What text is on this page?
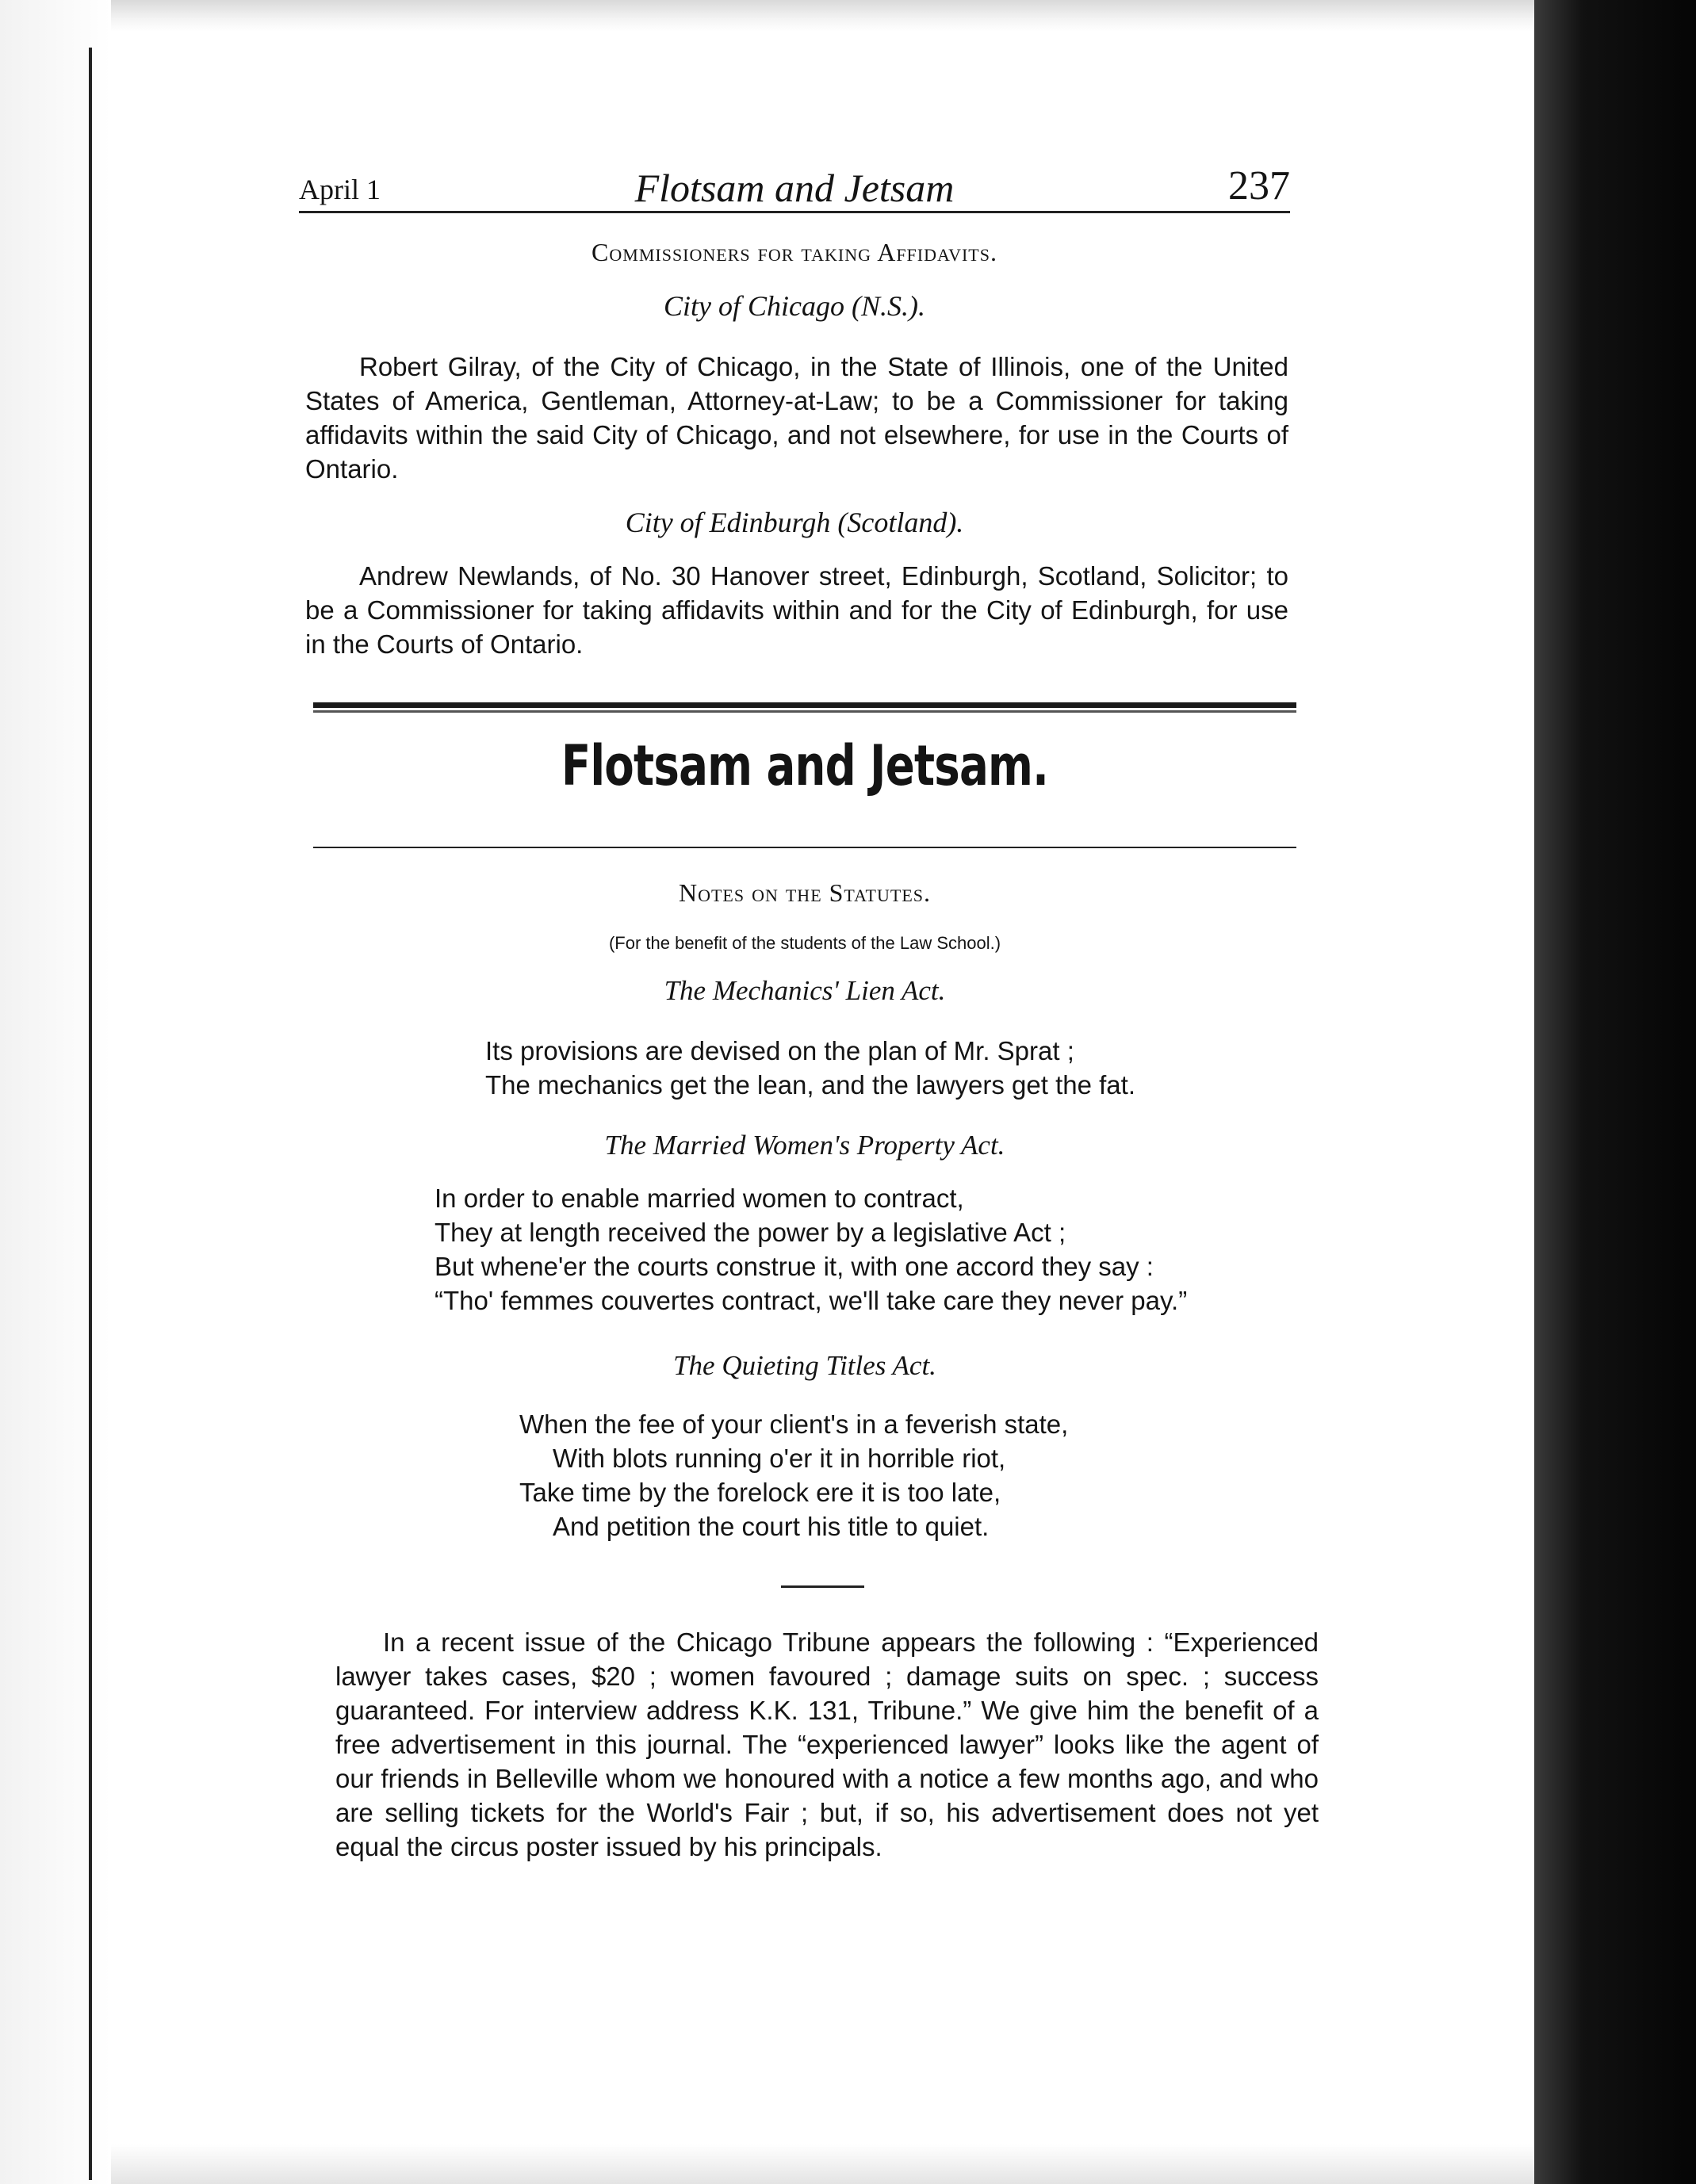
April 1	Flotsam and Jetsam	237
Commissioners for taking Affidavits.
City of Chicago (N.S.).

Robert Gilray, of the City of Chicago, in the State of Illinois, one of the United States of America, Gentleman, Attorney-at-Law; to be a Commissioner for taking affidavits within the said City of Chicago, and not elsewhere, for use in the Courts of Ontario.

City of Edinburgh (Scotland).

Andrew Newlands, of No. 30 Hanover street, Edinburgh, Scotland, Solicitor; to be a Commissioner for taking affidavits within and for the City of Edinburgh, for use in the Courts of Ontario.

Flotsam and Jetsam.
Notes on the Statutes.
(For the benefit of the students of the Law School.)
The Mechanics' Lien Act.
Its provisions are devised on the plan of Mr. Sprat ;
The mechanics get the lean, and the lawyers get the fat.
The Married Women's Property Act.
In order to enable married women to contract,
They at length received the power by a legislative Act ;
But whene'er the courts construe it, with one accord they say :
“Tho' femmes couvertes contract, we'll take care they never pay.”
The Quieting Titles Act.
When the fee of your client's in a feverish state,
With blots running o'er it in horrible riot,
Take time by the forelock ere it is too late,
And petition the court his title to quiet.

In a recent issue of the Chicago Tribune appears the following : “Experienced lawyer takes cases, $20 ; women favoured ; damage suits on spec. ; success guaranteed. For interview address K.K. 131, Tribune.” We give him the benefit of a free advertisement in this journal. The “experienced lawyer” looks like the agent of our friends in Belleville whom we honoured with a notice a few months ago, and who are selling tickets for the World's Fair ; but, if so, his advertisement does not yet equal the circus poster issued by his principals.
